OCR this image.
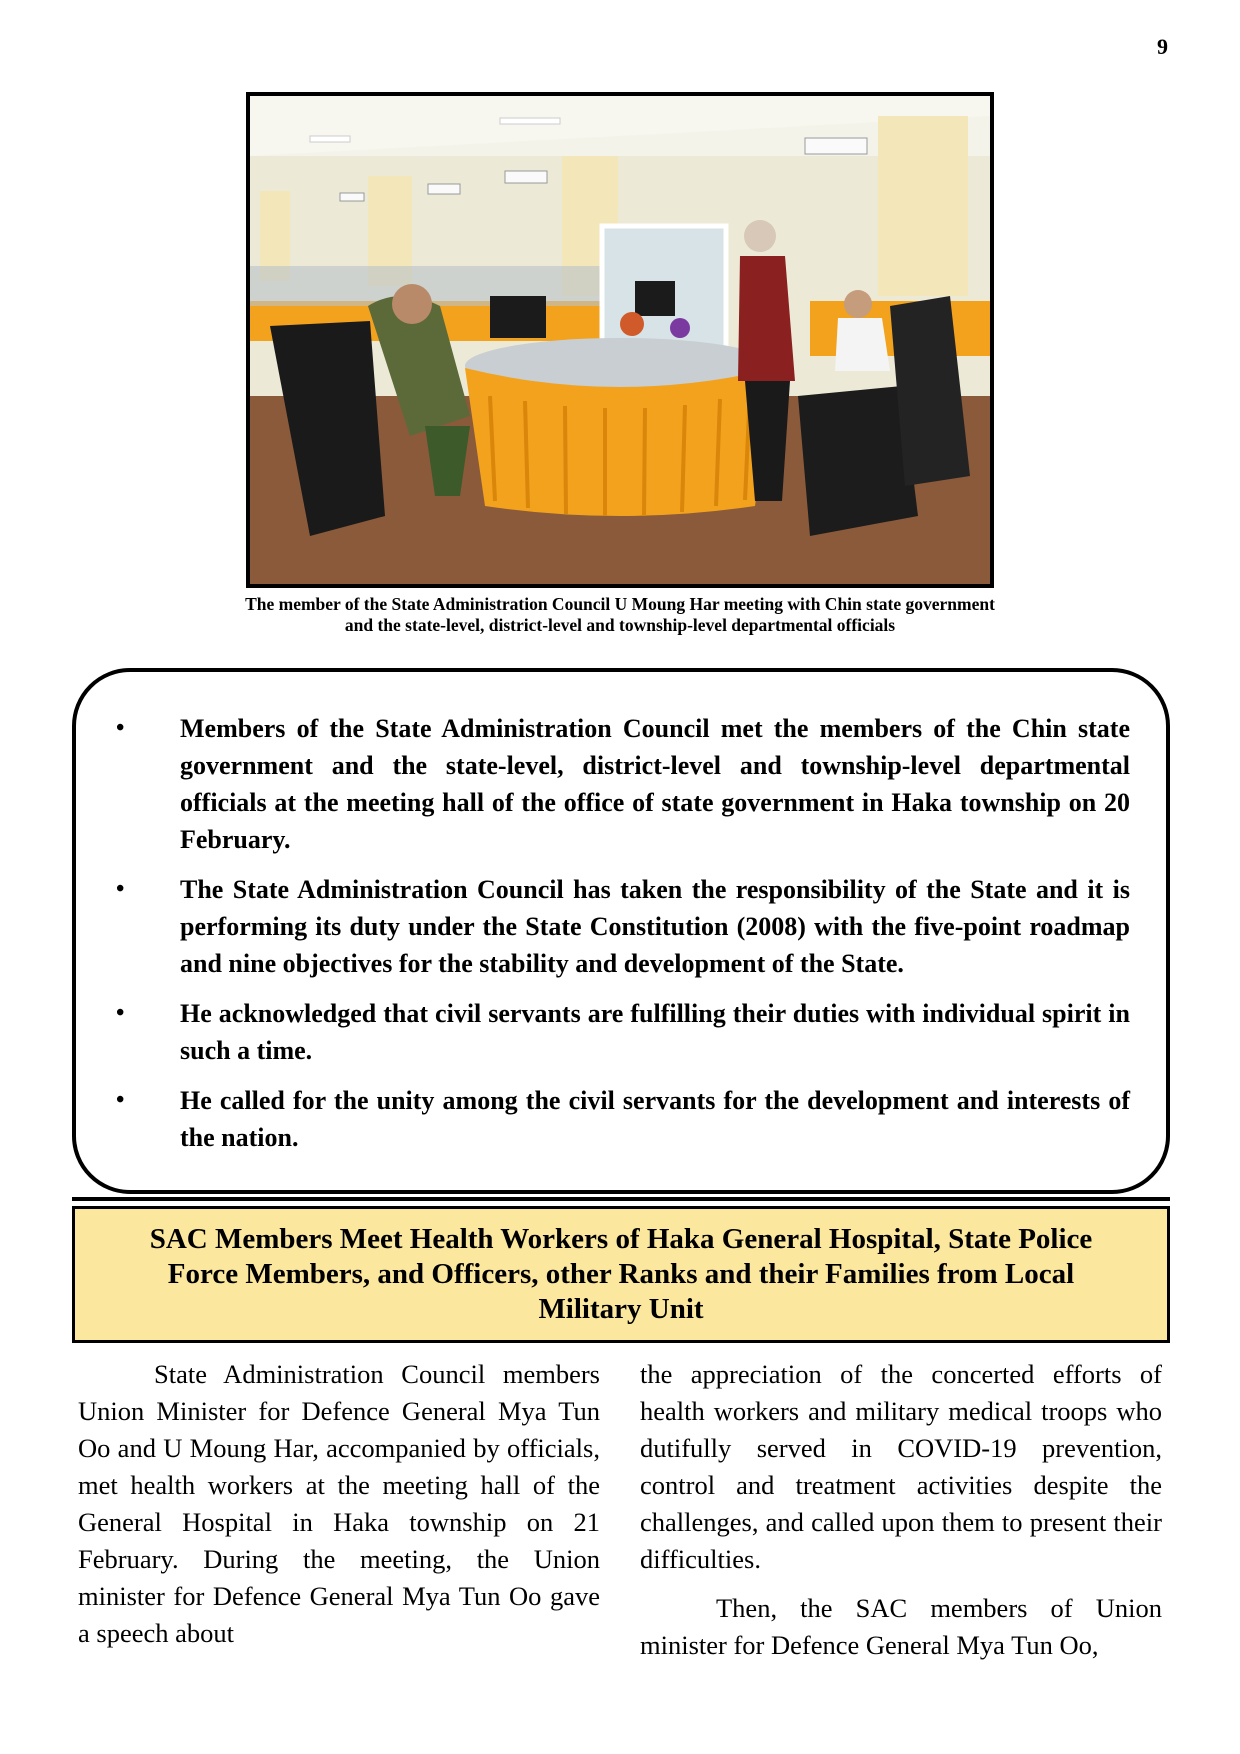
9
The member of the State Administration Council U Moung Har meeting with Chin state government and the state-level, district-level and township-level departmental officials
• Members of the State Administration Council met the members of the Chin state government and the state-level, district-level and township-level departmental officials at the meeting hall of the office of state government in Haka township on 20 February.
• The State Administration Council has taken the responsibility of the State and it is performing its duty under the State Constitution (2008) with the five-point roadmap and nine objectives for the stability and development of the State.
• He acknowledged that civil servants are fulfilling their duties with individual spirit in such a time.
• He called for the unity among the civil servants for the development and interests of the nation.
SAC Members Meet Health Workers of Haka General Hospital, State Police Force Members, and Officers, other Ranks and their Families from Local Military Unit

State Administration Council members Union Minister for Defence General Mya Tun Oo and U Moung Har, accompanied by officials, met health workers at the meeting hall of the General Hospital in Haka township on 21 February. During the meeting, the Union minister for Defence General Mya Tun Oo gave a speech about

the appreciation of the concerted efforts of health workers and military medical troops who dutifully served in COVID-19 prevention, control and treatment activities despite the challenges, and called upon them to present their difficulties.

Then, the SAC members of Union minister for Defence General Mya Tun Oo,
